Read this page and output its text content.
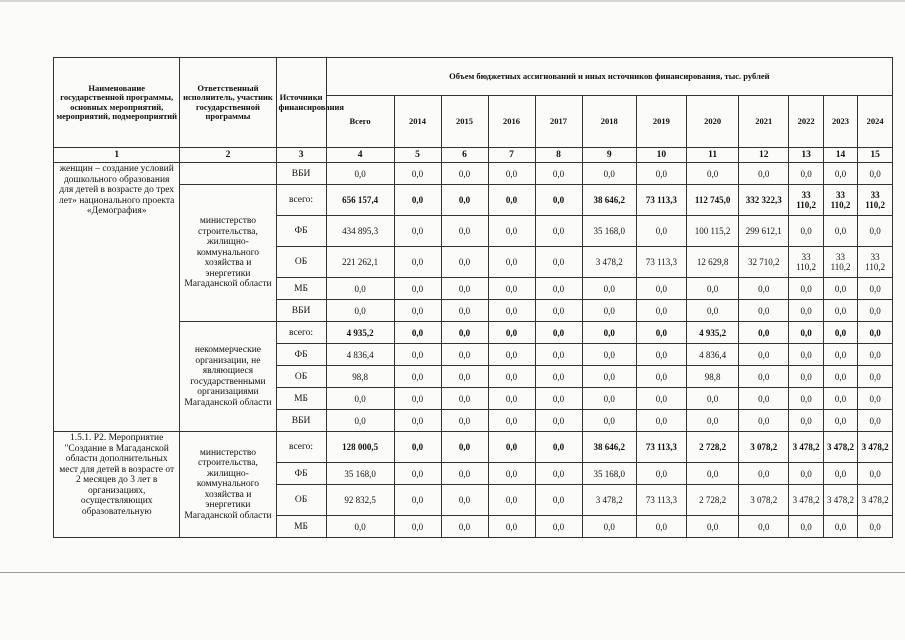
Наименование государственной программы, основных мероприятий, мероприятий, подмероприятий	Ответственный исполнитель, участник государственной программы	Источники финансирования	Объем бюджетных ассигнований и иных источников финансирования, тыс. рублей											
			Всего	2014	2015	2016	2017	2018	2019	2020	2021	2022	2023	2024
1	2	3	4	5	6	7	8	9	10	11	12	13	14	15
женщин – создание условий дошкольного образования для детей в возрасте до трех лет» национального проекта «Демография»		ВБИ	0,0	0,0	0,0	0,0	0,0	0,0	0,0	0,0	0,0	0,0	0,0	0,0
	министерство строительства, жилищно-коммунального хозяйства и энергетики Магаданской области	всего:	656 157,4	0,0	0,0	0,0	0,0	38 646,2	73 113,3	112 745,0	332 322,3	33 110,2	33 110,2	33 110,2
		ФБ	434 895,3	0,0	0,0	0,0	0,0	35 168,0	0,0	100 115,2	299 612,1	0,0	0,0	0,0
		ОБ	221 262,1	0,0	0,0	0,0	0,0	3 478,2	73 113,3	12 629,8	32 710,2	33 110,2	33 110,2	33 110,2
		МБ	0,0	0,0	0,0	0,0	0,0	0,0	0,0	0,0	0,0	0,0	0,0	0,0
		ВБИ	0,0	0,0	0,0	0,0	0,0	0,0	0,0	0,0	0,0	0,0	0,0	0,0
	некоммерческие организации, не являющиеся государственными организациями Магаданской области	всего:	4 935,2	0,0	0,0	0,0	0,0	0,0	0,0	4 935,2	0,0	0,0	0,0	0,0
		ФБ	4 836,4	0,0	0,0	0,0	0,0	0,0	0,0	4 836,4	0,0	0,0	0,0	0,0
		ОБ	98,8	0,0	0,0	0,0	0,0	0,0	0,0	98,8	0,0	0,0	0,0	0,0
		МБ	0,0	0,0	0,0	0,0	0,0	0,0	0,0	0,0	0,0	0,0	0,0	0,0
		ВБИ	0,0	0,0	0,0	0,0	0,0	0,0	0,0	0,0	0,0	0,0	0,0	0,0
1.5.1. Р2. Мероприятие "Создание в Магаданской области дополнительных мест для детей в возрасте от 2 месяцев до 3 лет в организациях, осуществляющих образовательную	министерство строительства, жилищно-коммунального хозяйства и энергетики Магаданской области	всего:	128 000,5	0,0	0,0	0,0	0,0	38 646,2	73 113,3	2 728,2	3 078,2	3 478,2	3 478,2	3 478,2
		ФБ	35 168,0	0,0	0,0	0,0	0,0	35 168,0	0,0	0,0	0,0	0,0	0,0	0,0
		ОБ	92 832,5	0,0	0,0	0,0	0,0	3 478,2	73 113,3	2 728,2	3 078,2	3 478,2	3 478,2	3 478,2
		МБ	0,0	0,0	0,0	0,0	0,0	0,0	0,0	0,0	0,0	0,0	0,0	0,0
